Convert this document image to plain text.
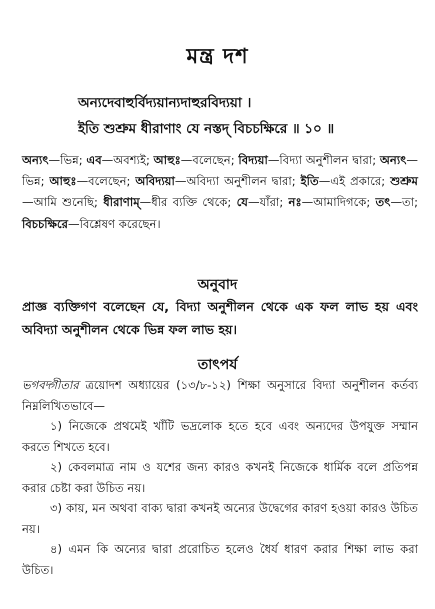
মন্ত্র দশ
অন্যদেবাহুর্বিদ্যয়ান্যদাহুরবিদ্যয়া ।
ইতি শুশ্রুম ধীরাণাং যে নস্তদ্ বিচচক্ষিরে ॥ ১০ ॥
অন্যৎ—ভিন্ন; এব—অবশ্যই; আহুঃ—বলেছেন; বিদ্যয়া—বিদ্যা অনুশীলন দ্বারা; অন্যৎ—ভিন্ন; আহুঃ—বলেছেন; অবিদ্যয়া—অবিদ্যা অনুশীলন দ্বারা; ইতি—এই প্রকারে; শুশ্রুম—আমি শুনেছি; ধীরাণাম্—ধীর ব্যক্তি থেকে; যে—যাঁরা; নঃ—আমাদিগকে; তৎ—তা; বিচচক্ষিরে—বিশ্লেষণ করেছেন।
অনুবাদ
প্রাজ্ঞ ব্যক্তিগণ বলেছেন যে, বিদ্যা অনুশীলন থেকে এক ফল লাভ হয় এবং অবিদ্যা অনুশীলন থেকে ভিন্ন ফল লাভ হয়।
তাৎপর্য

ভগবদ্গীতার ত্রয়োদশ অধ্যায়ের (১৩/৮-১২) শিক্ষা অনুসারে বিদ্যা অনুশীলন কর্তব্য নিম্নলিখিতভাবে—

১) নিজেকে প্রথমেই খাঁটি ভদ্রলোক হতে হবে এবং অন্যদের উপযুক্ত সম্মান করতে শিখতে হবে।

২) কেবলমাত্র নাম ও যশের জন্য কারও কখনই নিজেকে ধার্মিক বলে প্রতিপন্ন করার চেষ্টা করা উচিত নয়।

৩) কায়, মন অথবা বাক্য দ্বারা কখনই অন্যের উদ্বেগের কারণ হওয়া কারও উচিত নয়।

৪) এমন কি অন্যের দ্বারা প্ররোচিত হলেও ধৈর্য ধারণ করার শিক্ষা লাভ করা উচিত।
